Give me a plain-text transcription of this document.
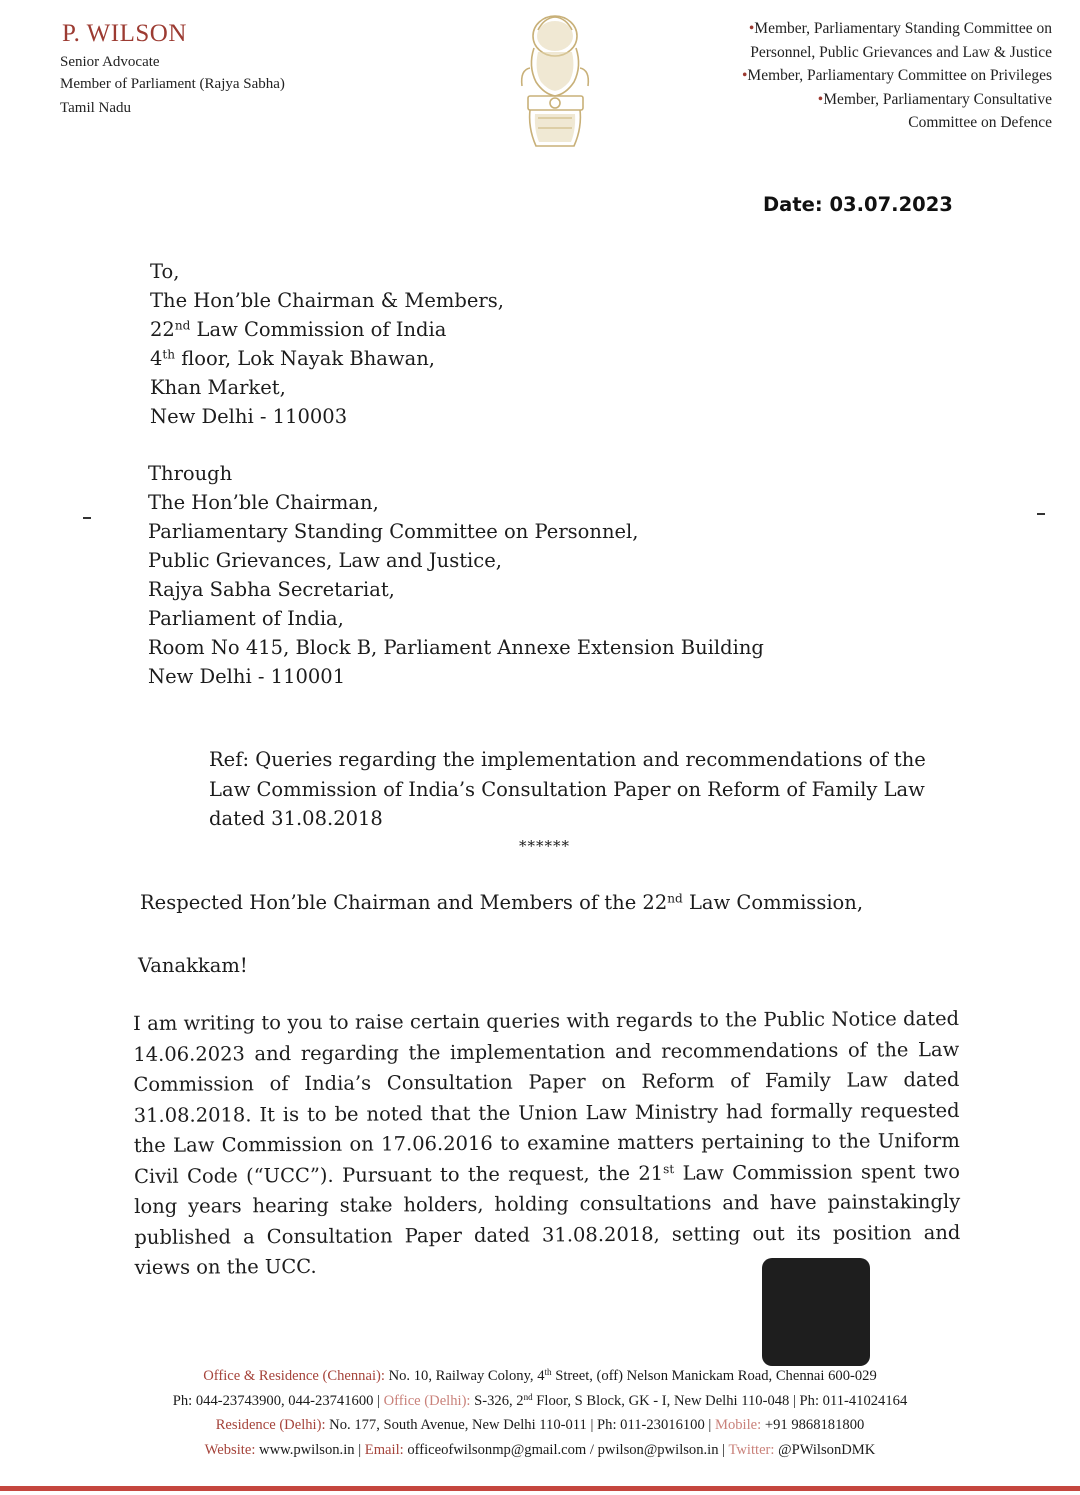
P. WILSON
Senior Advocate
Member of Parliament (Rajya Sabha)
Tamil Nadu
•Member, Parliamentary Standing Committee on
Personnel, Public Grievances and Law & Justice
•Member, Parliamentary Committee on Privileges
•Member, Parliamentary Consultative
Committee on Defence
Date: 03.07.2023
To,
The Hon’ble Chairman & Members,
22nd Law Commission of India
4th floor, Lok Nayak Bhawan,
Khan Market,
New Delhi - 110003
Through
The Hon’ble Chairman,
Parliamentary Standing Committee on Personnel,
Public Grievances, Law and Justice,
Rajya Sabha Secretariat,
Parliament of India,
Room No 415, Block B, Parliament Annexe Extension Building
New Delhi - 110001
Ref: Queries regarding the implementation and recommendations of the
Law Commission of India’s Consultation Paper on Reform of Family Law
dated 31.08.2018
******
Respected Hon’ble Chairman and Members of the 22nd Law Commission,
Vanakkam!
I am writing to you to raise certain queries with regards to the Public Notice dated 14.06.2023 and regarding the implementation and recommendations of the Law Commission of India’s Consultation Paper on Reform of Family Law dated 31.08.2018. It is to be noted that the Union Law Ministry had formally requested the Law Commission on 17.06.2016 to examine matters pertaining to the Uniform Civil Code (“UCC”). Pursuant to the request, the 21st Law Commission spent two long years hearing stake holders, holding consultations and have painstakingly published a Consultation Paper dated 31.08.2018, setting out its position and views on the UCC.
Office & Residence (Chennai): No. 10, Railway Colony, 4th Street, (off) Nelson Manickam Road, Chennai 600-029
Ph: 044-23743900, 044-23741600 | Office (Delhi): S-326, 2nd Floor, S Block, GK - I, New Delhi 110-048 | Ph: 011-41024164
Residence (Delhi): No. 177, South Avenue, New Delhi 110-011 | Ph: 011-23016100 | Mobile: +91 9868181800
Website: www.pwilson.in | Email: officeofwilsonmp@gmail.com / pwilson@pwilson.in | Twitter: @PWilsonDMK
